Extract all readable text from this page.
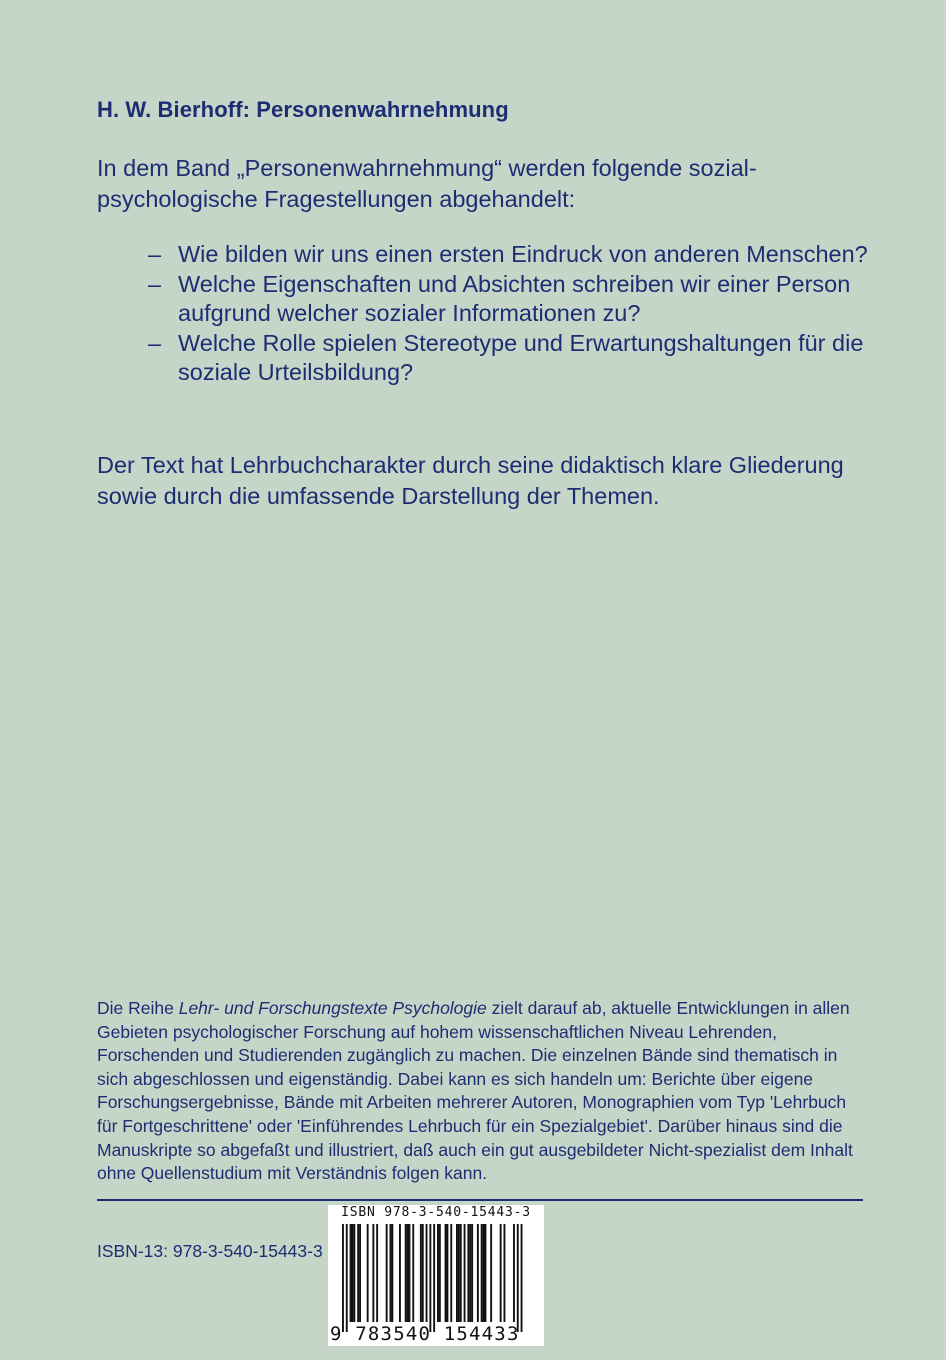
H. W. Bierhoff: Personenwahrnehmung
In dem Band „Personenwahrnehmung“ werden folgende sozial-psychologische Fragestellungen abgehandelt:
– Wie bilden wir uns einen ersten Eindruck von anderen Menschen?
– Welche Eigenschaften und Absichten schreiben wir einer Person aufgrund welcher sozialer Informationen zu?
– Welche Rolle spielen Stereotype und Erwartungshaltungen für die soziale Urteilsbildung?
Der Text hat Lehrbuchcharakter durch seine didaktisch klare Gliederung sowie durch die umfassende Darstellung der Themen.
Die Reihe Lehr- und Forschungstexte Psychologie zielt darauf ab, aktuelle Entwicklungen in allen Gebieten psychologischer Forschung auf hohem wissenschaftlichen Niveau Lehrenden, Forschenden und Studierenden zugänglich zu machen. Die einzelnen Bände sind thematisch in sich abgeschlossen und eigenständig. Dabei kann es sich handeln um: Berichte über eigene Forschungsergebnisse, Bände mit Arbeiten mehrerer Autoren, Monographien vom Typ 'Lehrbuch für Fortgeschrittene' oder 'Einführendes Lehrbuch für ein Spezialgebiet'. Darüber hinaus sind die Manuskripte so abgefaßt und illustriert, daß auch ein gut ausgebildeter Nicht-spezialist dem Inhalt ohne Quellenstudium mit Verständnis folgen kann.
ISBN-13: 978-3-540-15443-3
ISBN 978-3-540-15443-3
9 783540 154433
